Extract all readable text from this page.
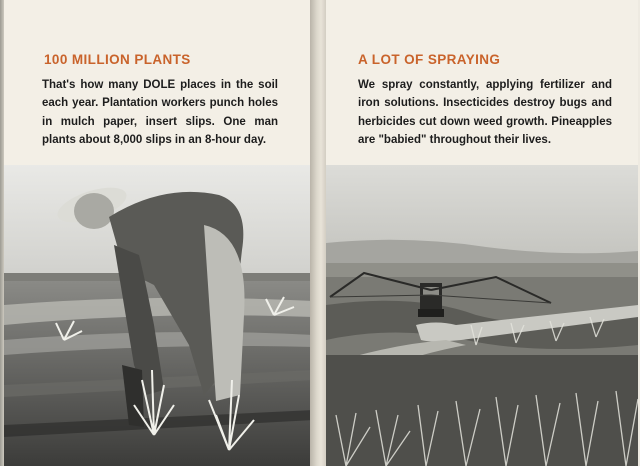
100 MILLION PLANTS

That's how many DOLE places in the soil each year. Plantation workers punch holes in mulch paper, insert slips. One man plants about 8,000 slips in an 8-hour day.

A LOT OF SPRAYING

We spray constantly, applying fertilizer and iron solutions. Insecticides destroy bugs and herbicides cut down weed growth. Pineapples are "babied" throughout their lives.
